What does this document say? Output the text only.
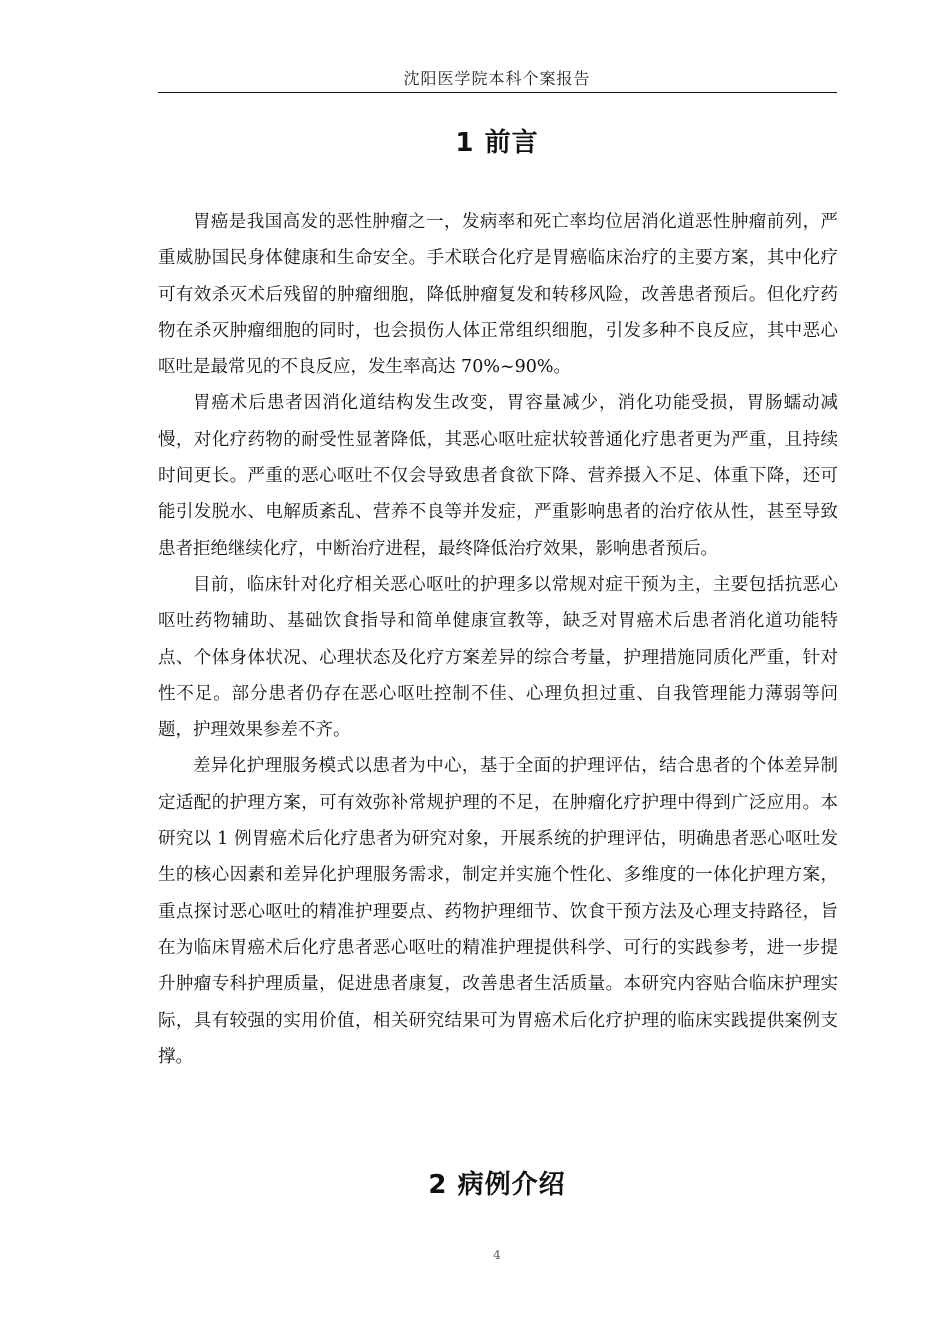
沈阳医学院本科个案报告
1 前言

胃癌是我国高发的恶性肿瘤之一，发病率和死亡率均位居消化道恶性肿瘤前列，严重威胁国民身体健康和生命安全。手术联合化疗是胃癌临床治疗的主要方案，其中化疗可有效杀灭术后残留的肿瘤细胞，降低肿瘤复发和转移风险，改善患者预后。但化疗药物在杀灭肿瘤细胞的同时，也会损伤人体正常组织细胞，引发多种不良反应，其中恶心呕吐是最常见的不良反应，发生率高达 70%~90%。

胃癌术后患者因消化道结构发生改变，胃容量减少，消化功能受损，胃肠蠕动减慢，对化疗药物的耐受性显著降低，其恶心呕吐症状较普通化疗患者更为严重，且持续时间更长。严重的恶心呕吐不仅会导致患者食欲下降、营养摄入不足、体重下降，还可能引发脱水、电解质紊乱、营养不良等并发症，严重影响患者的治疗依从性，甚至导致患者拒绝继续化疗，中断治疗进程，最终降低治疗效果，影响患者预后。

目前，临床针对化疗相关恶心呕吐的护理多以常规对症干预为主，主要包括抗恶心呕吐药物辅助、基础饮食指导和简单健康宣教等，缺乏对胃癌术后患者消化道功能特点、个体身体状况、心理状态及化疗方案差异的综合考量，护理措施同质化严重，针对性不足。部分患者仍存在恶心呕吐控制不佳、心理负担过重、自我管理能力薄弱等问题，护理效果参差不齐。

差异化护理服务模式以患者为中心，基于全面的护理评估，结合患者的个体差异制定适配的护理方案，可有效弥补常规护理的不足，在肿瘤化疗护理中得到广泛应用。本研究以 1 例胃癌术后化疗患者为研究对象，开展系统的护理评估，明确患者恶心呕吐发生的核心因素和差异化护理服务需求，制定并实施个性化、多维度的一体化护理方案，重点探讨恶心呕吐的精准护理要点、药物护理细节、饮食干预方法及心理支持路径，旨在为临床胃癌术后化疗患者恶心呕吐的精准护理提供科学、可行的实践参考，进一步提升肿瘤专科护理质量，促进患者康复，改善患者生活质量。本研究内容贴合临床护理实际，具有较强的实用价值，相关研究结果可为胃癌术后化疗护理的临床实践提供案例支撑。

2 病例介绍
4
